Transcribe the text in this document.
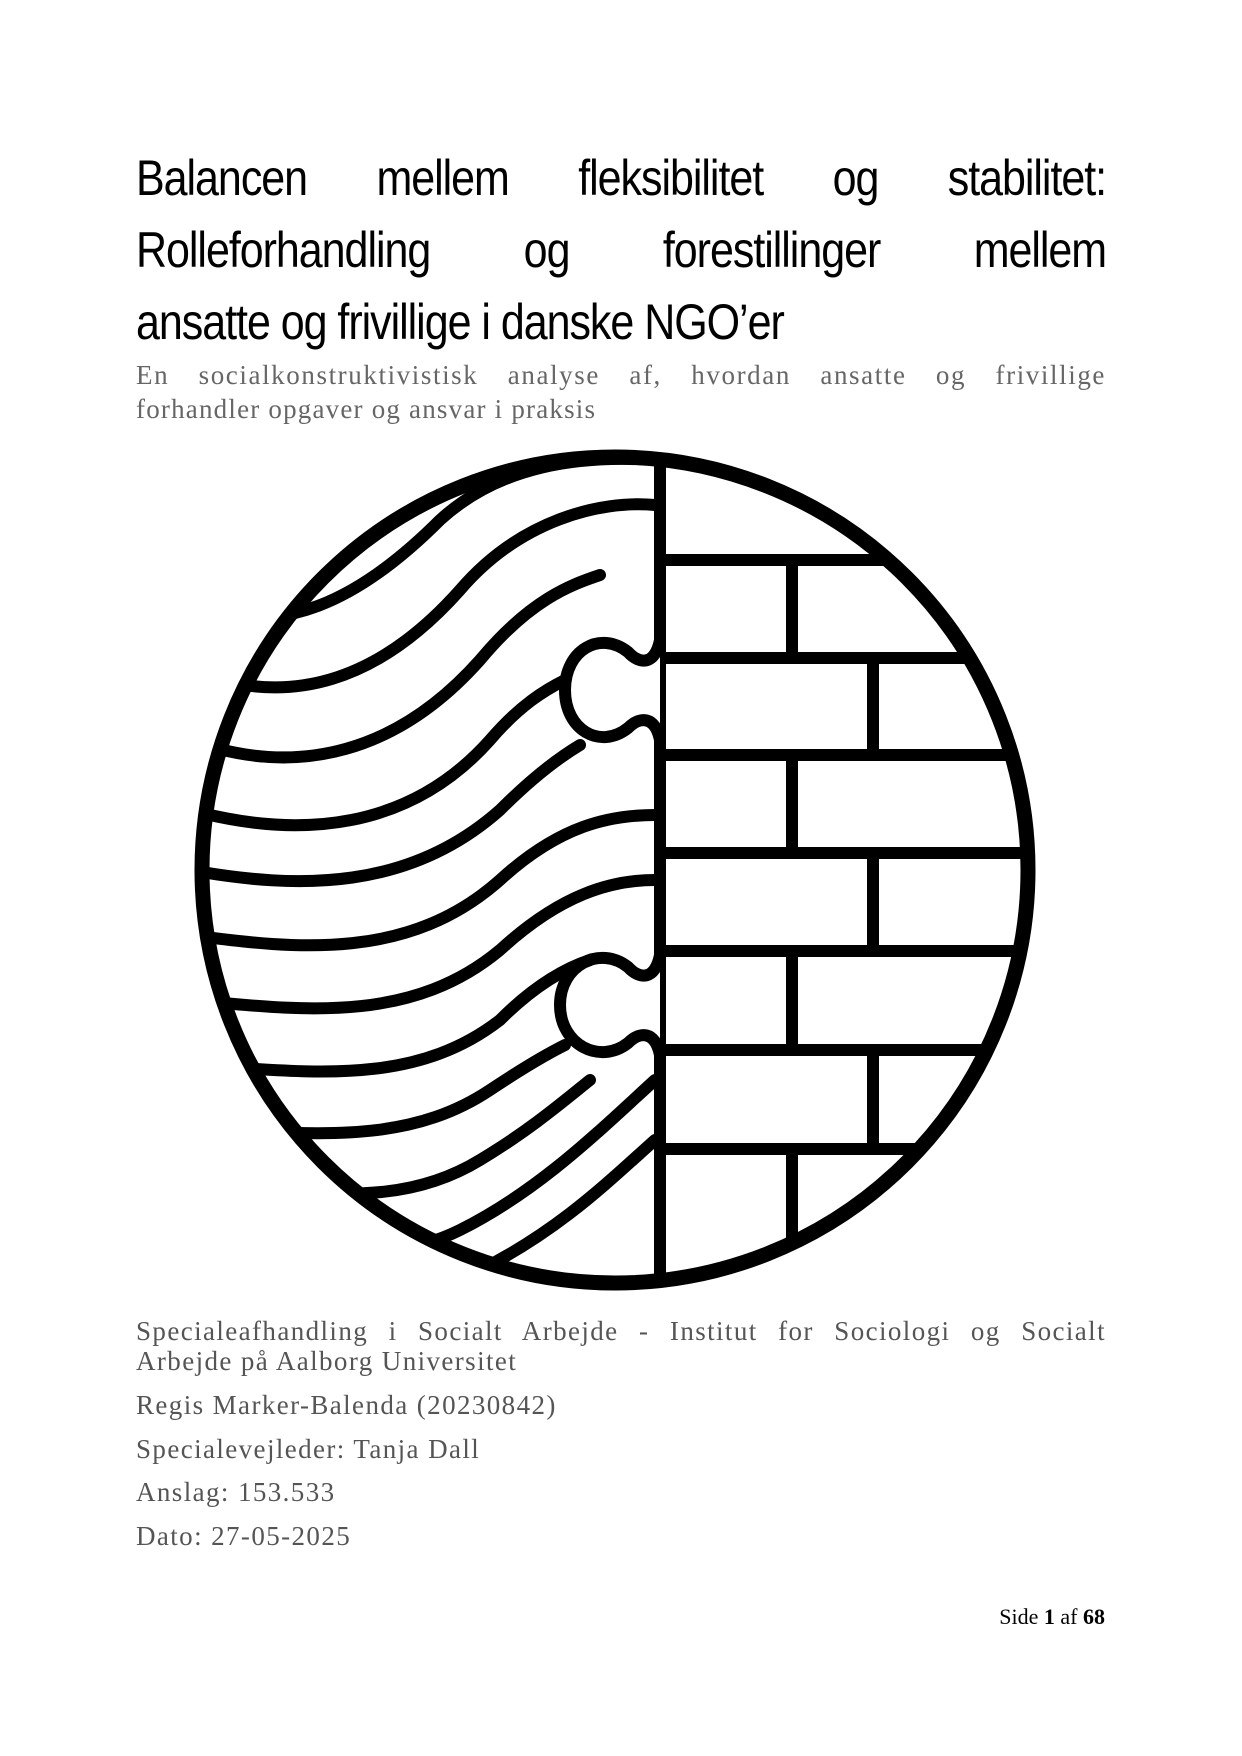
Balancen mellem fleksibilitet og stabilitet:
Rolleforhandling og forestillinger mellem
ansatte og frivillige i danske NGO’er
En socialkonstruktivistisk analyse af, hvordan ansatte og frivillige
forhandler opgaver og ansvar i praksis
Specialeafhandling i Socialt Arbejde - Institut for Sociologi og Socialt
Arbejde på Aalborg Universitet
Regis Marker-Balenda (20230842)
Specialevejleder: Tanja Dall
Anslag: 153.533
Dato: 27-05-2025
Side 1 af 68
